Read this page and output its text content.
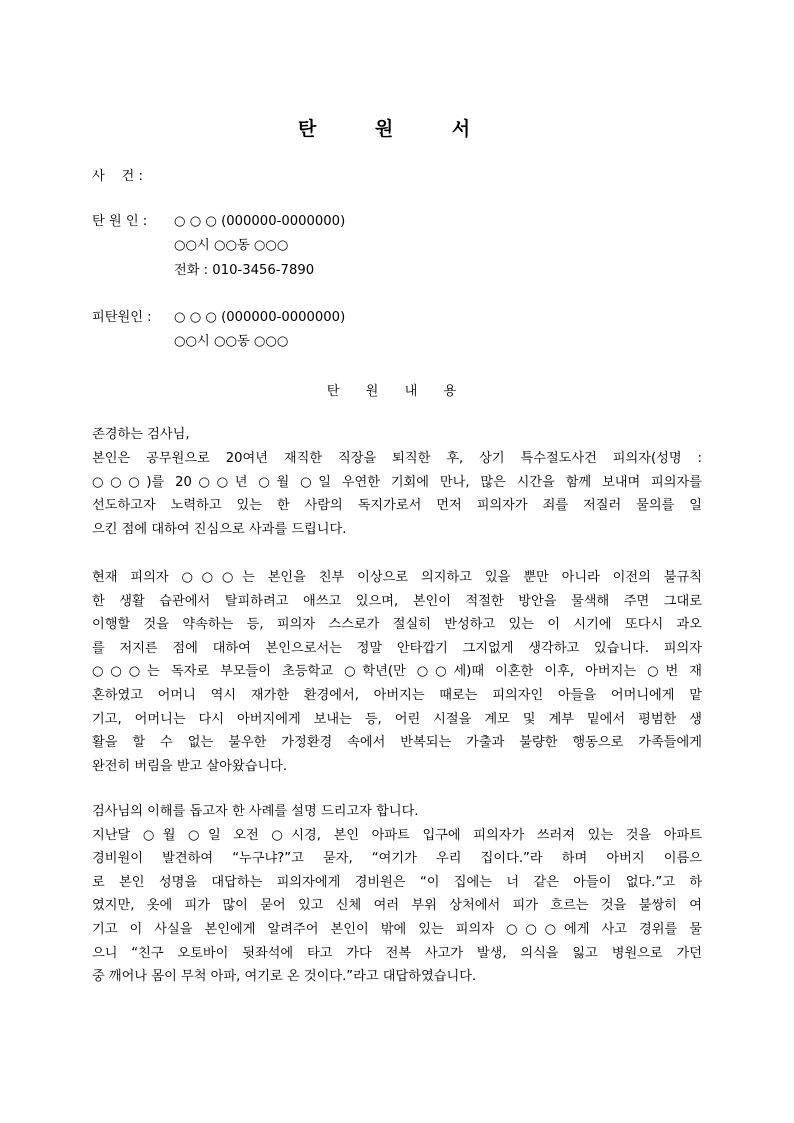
탄 원 서
사    건 :
탄 원 인 : ○ ○ ○ (000000-0000000)
○○시 ○○동 ○○○
전화 : 010-3456-7890
피탄원인 : ○ ○ ○ (000000-0000000)
○○시 ○○동 ○○○
탄 원 내 용
존경하는 검사님,
본인은 공무원으로 20여년 재직한 직장을 퇴직한 후, 상기 특수절도사건 피의자(성명 :
○○○)를 20○○년 ○월 ○일 우연한 기회에 만나, 많은 시간을 함께 보내며 피의자를
선도하고자 노력하고 있는 한 사람의 독지가로서 먼저 피의자가 죄를 저질러 물의를 일
으킨 점에 대하여 진심으로 사과를 드립니다.
현재 피의자 ○○○는 본인을 친부 이상으로 의지하고 있을 뿐만 아니라 이전의 불규칙
한 생활 습관에서 탈피하려고 애쓰고 있으며, 본인이 적절한 방안을 물색해 주면 그대로
이행할 것을 약속하는 등, 피의자 스스로가 절실히 반성하고 있는 이 시기에 또다시 과오
를 저지른 점에 대하여 본인으로서는 정말 안타깝기 그지없게 생각하고 있습니다. 피의자
○○○는 독자로 부모들이 초등학교 ○학년(만 ○○세)때 이혼한 이후, 아버지는 ○번 재
혼하였고 어머니 역시 재가한 환경에서, 아버지는 때로는 피의자인 아들을 어머니에게 맡
기고, 어머니는 다시 아버지에게 보내는 등, 어린 시절을 계모 및 계부 밑에서 평범한 생
활을 할 수 없는 불우한 가정환경 속에서 반복되는 가출과 불량한 행동으로 가족들에게
완전히 버림을 받고 살아왔습니다.
검사님의 이해를 돕고자 한 사례를 설명 드리고자 합니다.
지난달 ○월 ○일 오전 ○시경, 본인 아파트 입구에 피의자가 쓰러져 있는 것을 아파트
경비원이 발견하여 “누구냐?”고 묻자, “여기가 우리 집이다.”라 하며 아버지 이름으
로 본인 성명을 대답하는 피의자에게 경비원은 “이 집에는 너 같은 아들이 없다.”고 하
였지만, 옷에 피가 많이 묻어 있고 신체 여러 부위 상처에서 피가 흐르는 것을 불쌍히 여
기고 이 사실을 본인에게 알려주어 본인이 밖에 있는 피의자 ○○○에게 사고 경위를 물
으니 “친구 오토바이 뒷좌석에 타고 가다 전복 사고가 발생, 의식을 잃고 병원으로 가던
중 깨어나 몸이 무척 아파, 여기로 온 것이다.”라고 대답하였습니다.
